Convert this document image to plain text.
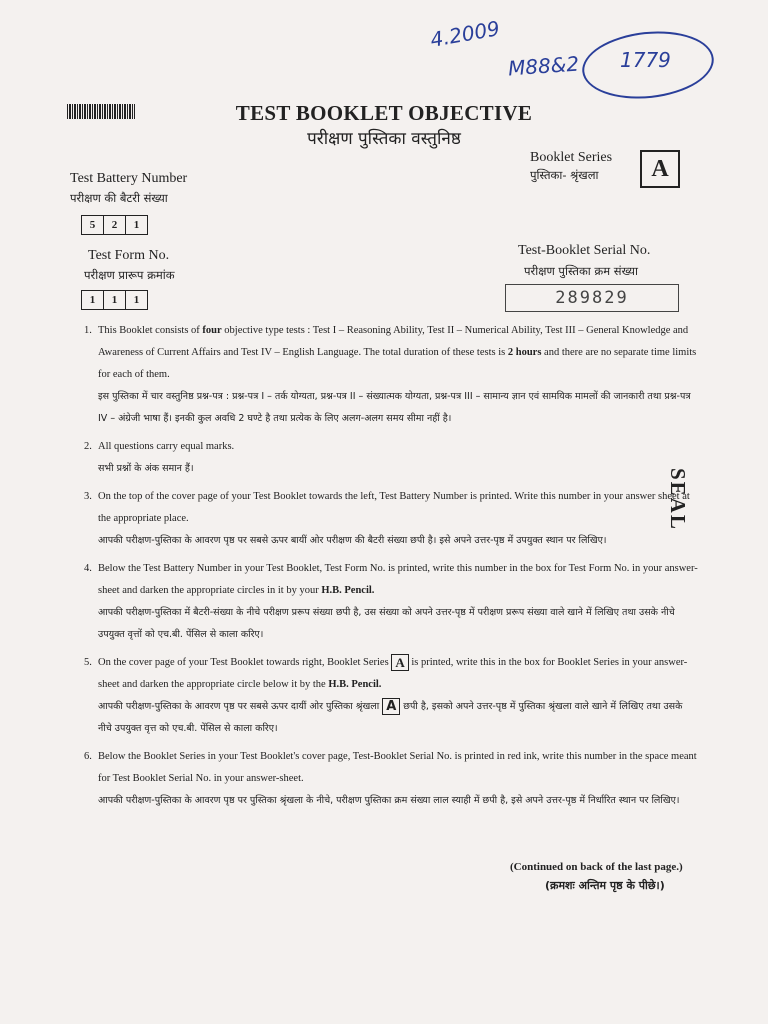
4.2009
M88&2 1779
TEST BOOKLET OBJECTIVE
परीक्षण पुस्तिका वस्तुनिष्ठ
Booklet Series
पुस्तिका- श्रृंखला	A
Test Battery Number
परीक्षण की बैटरी संख्या
5	2	1
Test Form No.
परीक्षण प्रारूप क्रमांक
1	1	1
Test-Booklet Serial No.
परीक्षण पुस्तिका क्रम संख्या
289829
SEAL
1. This Booklet consists of four objective type tests : Test I – Reasoning Ability, Test II – Numerical Ability, Test III – General Knowledge and Awareness of Current Affairs and Test IV – English Language. The total duration of these tests is 2 hours and there are no separate time limits for each of them.
इस पुस्तिका में चार वस्तुनिष्ठ प्रश्न-पत्र : प्रश्न-पत्र I – तर्क योग्यता, प्रश्न-पत्र II – संख्यात्मक योग्यता, प्रश्न-पत्र III – सामान्य ज्ञान एवं सामयिक मामलों की जानकारी तथा प्रश्न-पत्र IV – अंग्रेजी भाषा हैं। इनकी कुल अवधि 2 घण्टे है तथा प्रत्येक के लिए अलग-अलग समय सीमा नहीं है।
2. All questions carry equal marks.
सभी प्रश्नों के अंक समान हैं।
3. On the top of the cover page of your Test Booklet towards the left, Test Battery Number is printed. Write this number in your answer sheet at the appropriate place.
आपकी परीक्षण-पुस्तिका के आवरण पृष्ठ पर सबसे ऊपर बायीं ओर परीक्षण की बैटरी संख्या छपी है। इसे अपने उत्तर-पृष्ठ में उपयुक्त स्थान पर लिखिए।
4. Below the Test Battery Number in your Test Booklet, Test Form No. is printed, write this number in the box for Test Form No. in your answer-sheet and darken the appropriate circles in it by your H.B. Pencil.
आपकी परीक्षण-पुस्तिका में बैटरी-संख्या के नीचे परीक्षण प्ररूप संख्या छपी है, उस संख्या को अपने उत्तर-पृष्ठ में परीक्षण प्ररूप संख्या वाले खाने में लिखिए तथा उसके नीचे उपयुक्त वृत्तों को एच.बी. पेंसिल से काला करिए।
5. On the cover page of your Test Booklet towards right, Booklet Series A is printed, write this in the box for Booklet Series in your answer-sheet and darken the appropriate circle below it by the H.B. Pencil.
आपकी परीक्षण-पुस्तिका के आवरण पृष्ठ पर सबसे ऊपर दायीं ओर पुस्तिका श्रृंखला A छपी है, इसको अपने उत्तर-पृष्ठ में पुस्तिका श्रृंखला वाले खाने में लिखिए तथा उसके नीचे उपयुक्त वृत्त को एच.बी. पेंसिल से काला करिए।
6. Below the Booklet Series in your Test Booklet's cover page, Test-Booklet Serial No. is printed in red ink, write this number in the space meant for Test Booklet Serial No. in your answer-sheet.
आपकी परीक्षण-पुस्तिका के आवरण पृष्ठ पर पुस्तिका श्रृंखला के नीचे, परीक्षण पुस्तिका क्रम संख्या लाल स्याही में छपी है, इसे अपने उत्तर-पृष्ठ में निर्धारित स्थान पर लिखिए।
(Continued on back of the last page.)
(क्रमशः अन्तिम पृष्ठ के पीछे।)
